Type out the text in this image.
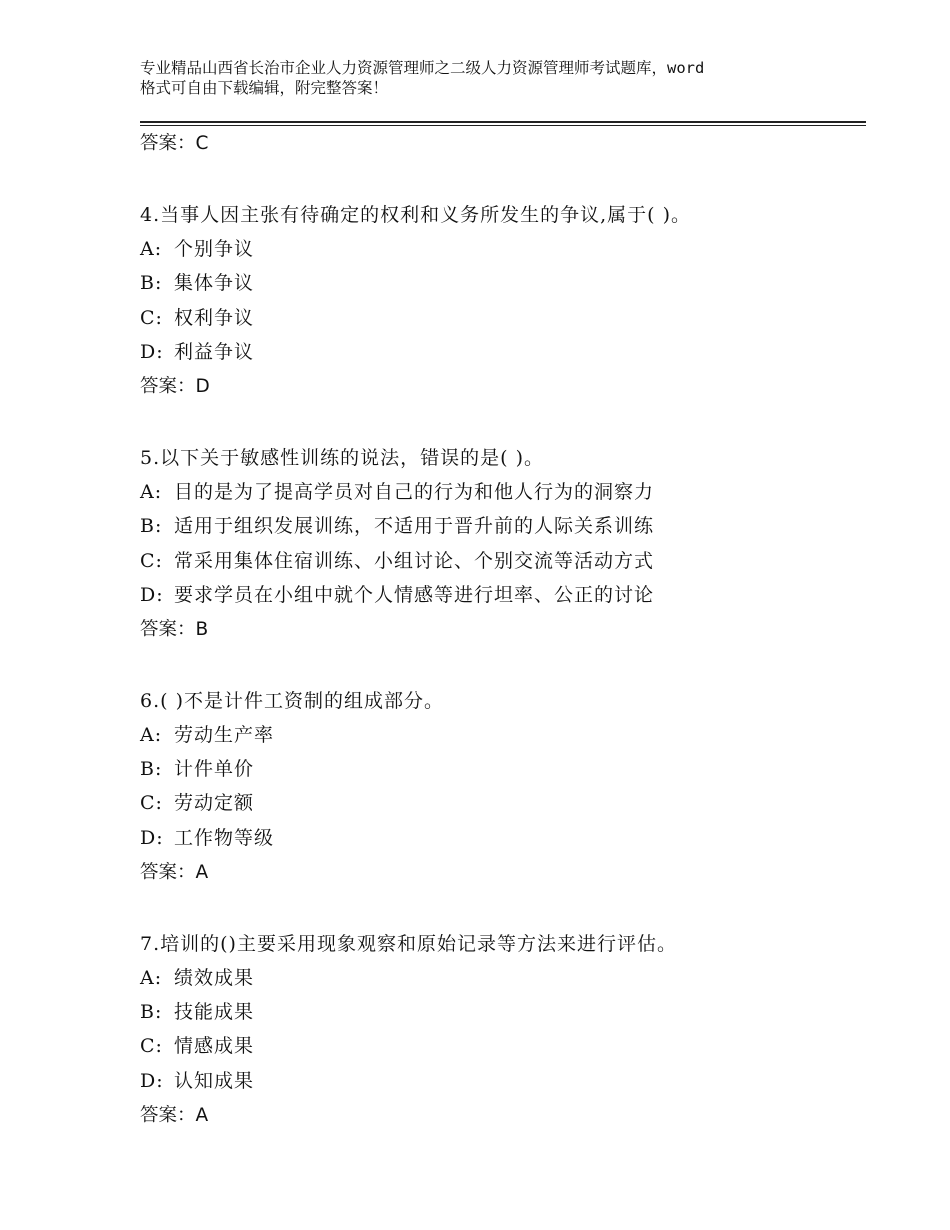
专业精品山西省长治市企业人力资源管理师之二级人力资源管理师考试题库，word
格式可自由下载编辑，附完整答案！
答案：C
4.当事人因主张有待确定的权利和义务所发生的争议,属于( )。
A: 个别争议
B: 集体争议
C: 权利争议
D: 利益争议
答案：D
5.以下关于敏感性训练的说法，错误的是( )。
A: 目的是为了提高学员对自己的行为和他人行为的洞察力
B: 适用于组织发展训练，不适用于晋升前的人际关系训练
C: 常采用集体住宿训练、小组讨论、个别交流等活动方式
D: 要求学员在小组中就个人情感等进行坦率、公正的讨论
答案：B
6.( )不是计件工资制的组成部分。
A: 劳动生产率
B: 计件单价
C: 劳动定额
D: 工作物等级
答案：A
7.培训的()主要采用现象观察和原始记录等方法来进行评估。
A: 绩效成果
B: 技能成果
C: 情感成果
D: 认知成果
答案：A
